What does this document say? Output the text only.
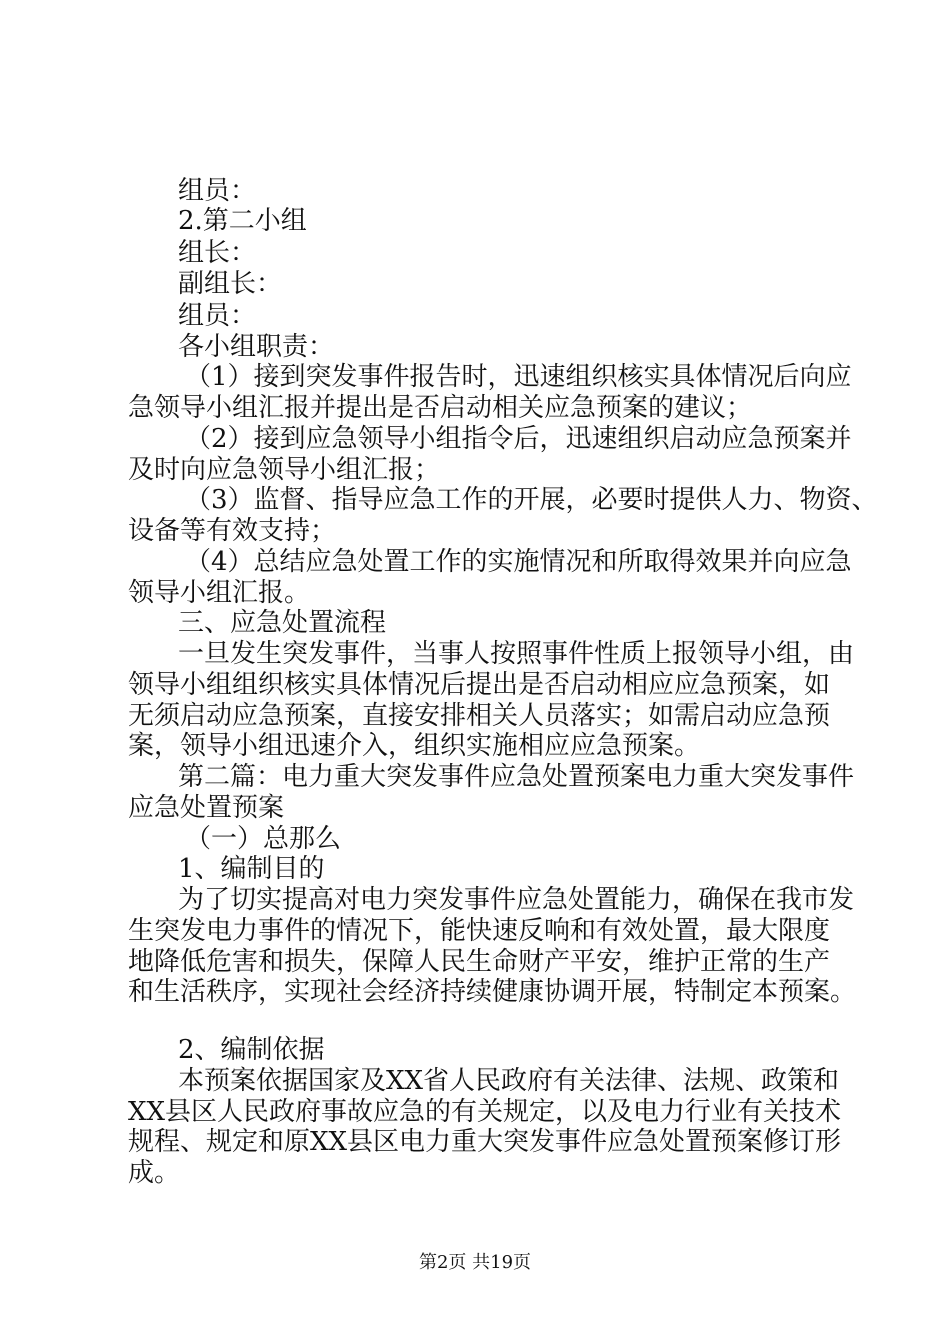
组员：
2.第二小组
组长：
副组长：
组员：
各小组职责：
（1）接到突发事件报告时，迅速组织核实具体情况后向应
急领导小组汇报并提出是否启动相关应急预案的建议；
（2）接到应急领导小组指令后，迅速组织启动应急预案并
及时向应急领导小组汇报；
（3）监督、指导应急工作的开展，必要时提供人力、物资、
设备等有效支持；
（4）总结应急处置工作的实施情况和所取得效果并向应急
领导小组汇报。
三、应急处置流程
一旦发生突发事件，当事人按照事件性质上报领导小组，由
领导小组组织核实具体情况后提出是否启动相应应急预案，如
无须启动应急预案，直接安排相关人员落实；如需启动应急预
案，领导小组迅速介入，组织实施相应应急预案。
第二篇：电力重大突发事件应急处置预案电力重大突发事件
应急处置预案
（一）总那么
1、编制目的
为了切实提高对电力突发事件应急处置能力，确保在我市发
生突发电力事件的情况下，能快速反响和有效处置，最大限度
地降低危害和损失，保障人民生命财产平安，维护正常的生产
和生活秩序，实现社会经济持续健康协调开展，特制定本预案。
2、编制依据
本预案依据国家及XX省人民政府有关法律、法规、政策和
XX县区人民政府事故应急的有关规定，以及电力行业有关技术
规程、规定和原XX县区电力重大突发事件应急处置预案修订形
成。
第2页 共19页
